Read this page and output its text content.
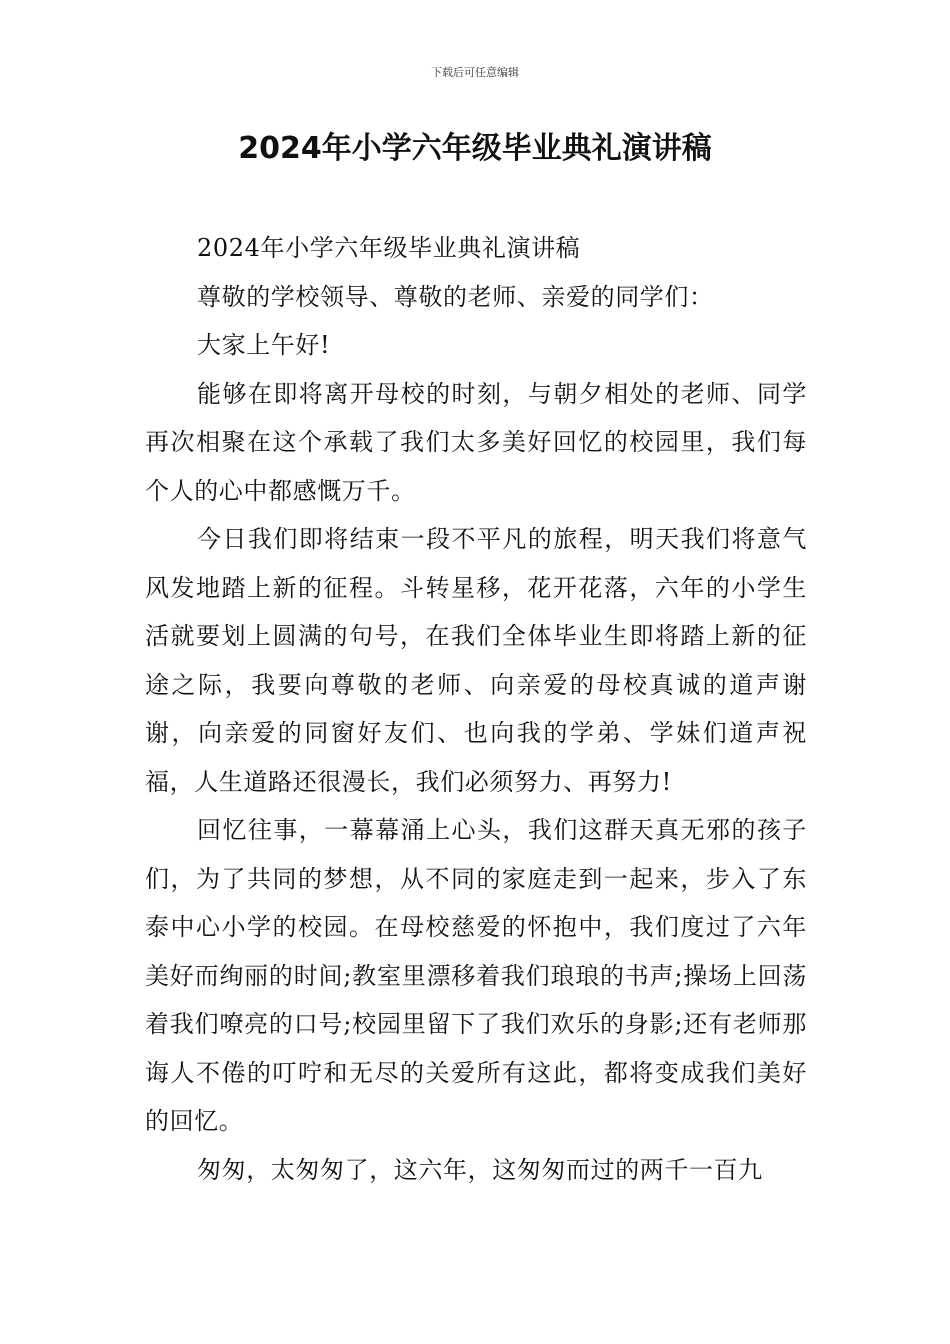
下载后可任意编辑
2024年小学六年级毕业典礼演讲稿

2024年小学六年级毕业典礼演讲稿

尊敬的学校领导、尊敬的老师、亲爱的同学们：

大家上午好!

能够在即将离开母校的时刻，与朝夕相处的老师、同学再次相聚在这个承载了我们太多美好回忆的校园里，我们每个人的心中都感慨万千。

今日我们即将结束一段不平凡的旅程，明天我们将意气风发地踏上新的征程。斗转星移，花开花落，六年的小学生活就要划上圆满的句号，在我们全体毕业生即将踏上新的征途之际，我要向尊敬的老师、向亲爱的母校真诚的道声谢谢，向亲爱的同窗好友们、也向我的学弟、学妹们道声祝福，人生道路还很漫长，我们必须努力、再努力!

回忆往事，一幕幕涌上心头，我们这群天真无邪的孩子们，为了共同的梦想，从不同的家庭走到一起来，步入了东泰中心小学的校园。在母校慈爱的怀抱中，我们度过了六年美好而绚丽的时间;教室里漂移着我们琅琅的书声;操场上回荡着我们嘹亮的口号;校园里留下了我们欢乐的身影;还有老师那诲人不倦的叮咛和无尽的关爱所有这此，都将变成我们美好的回忆。

匆匆，太匆匆了，这六年，这匆匆而过的两千一百九
